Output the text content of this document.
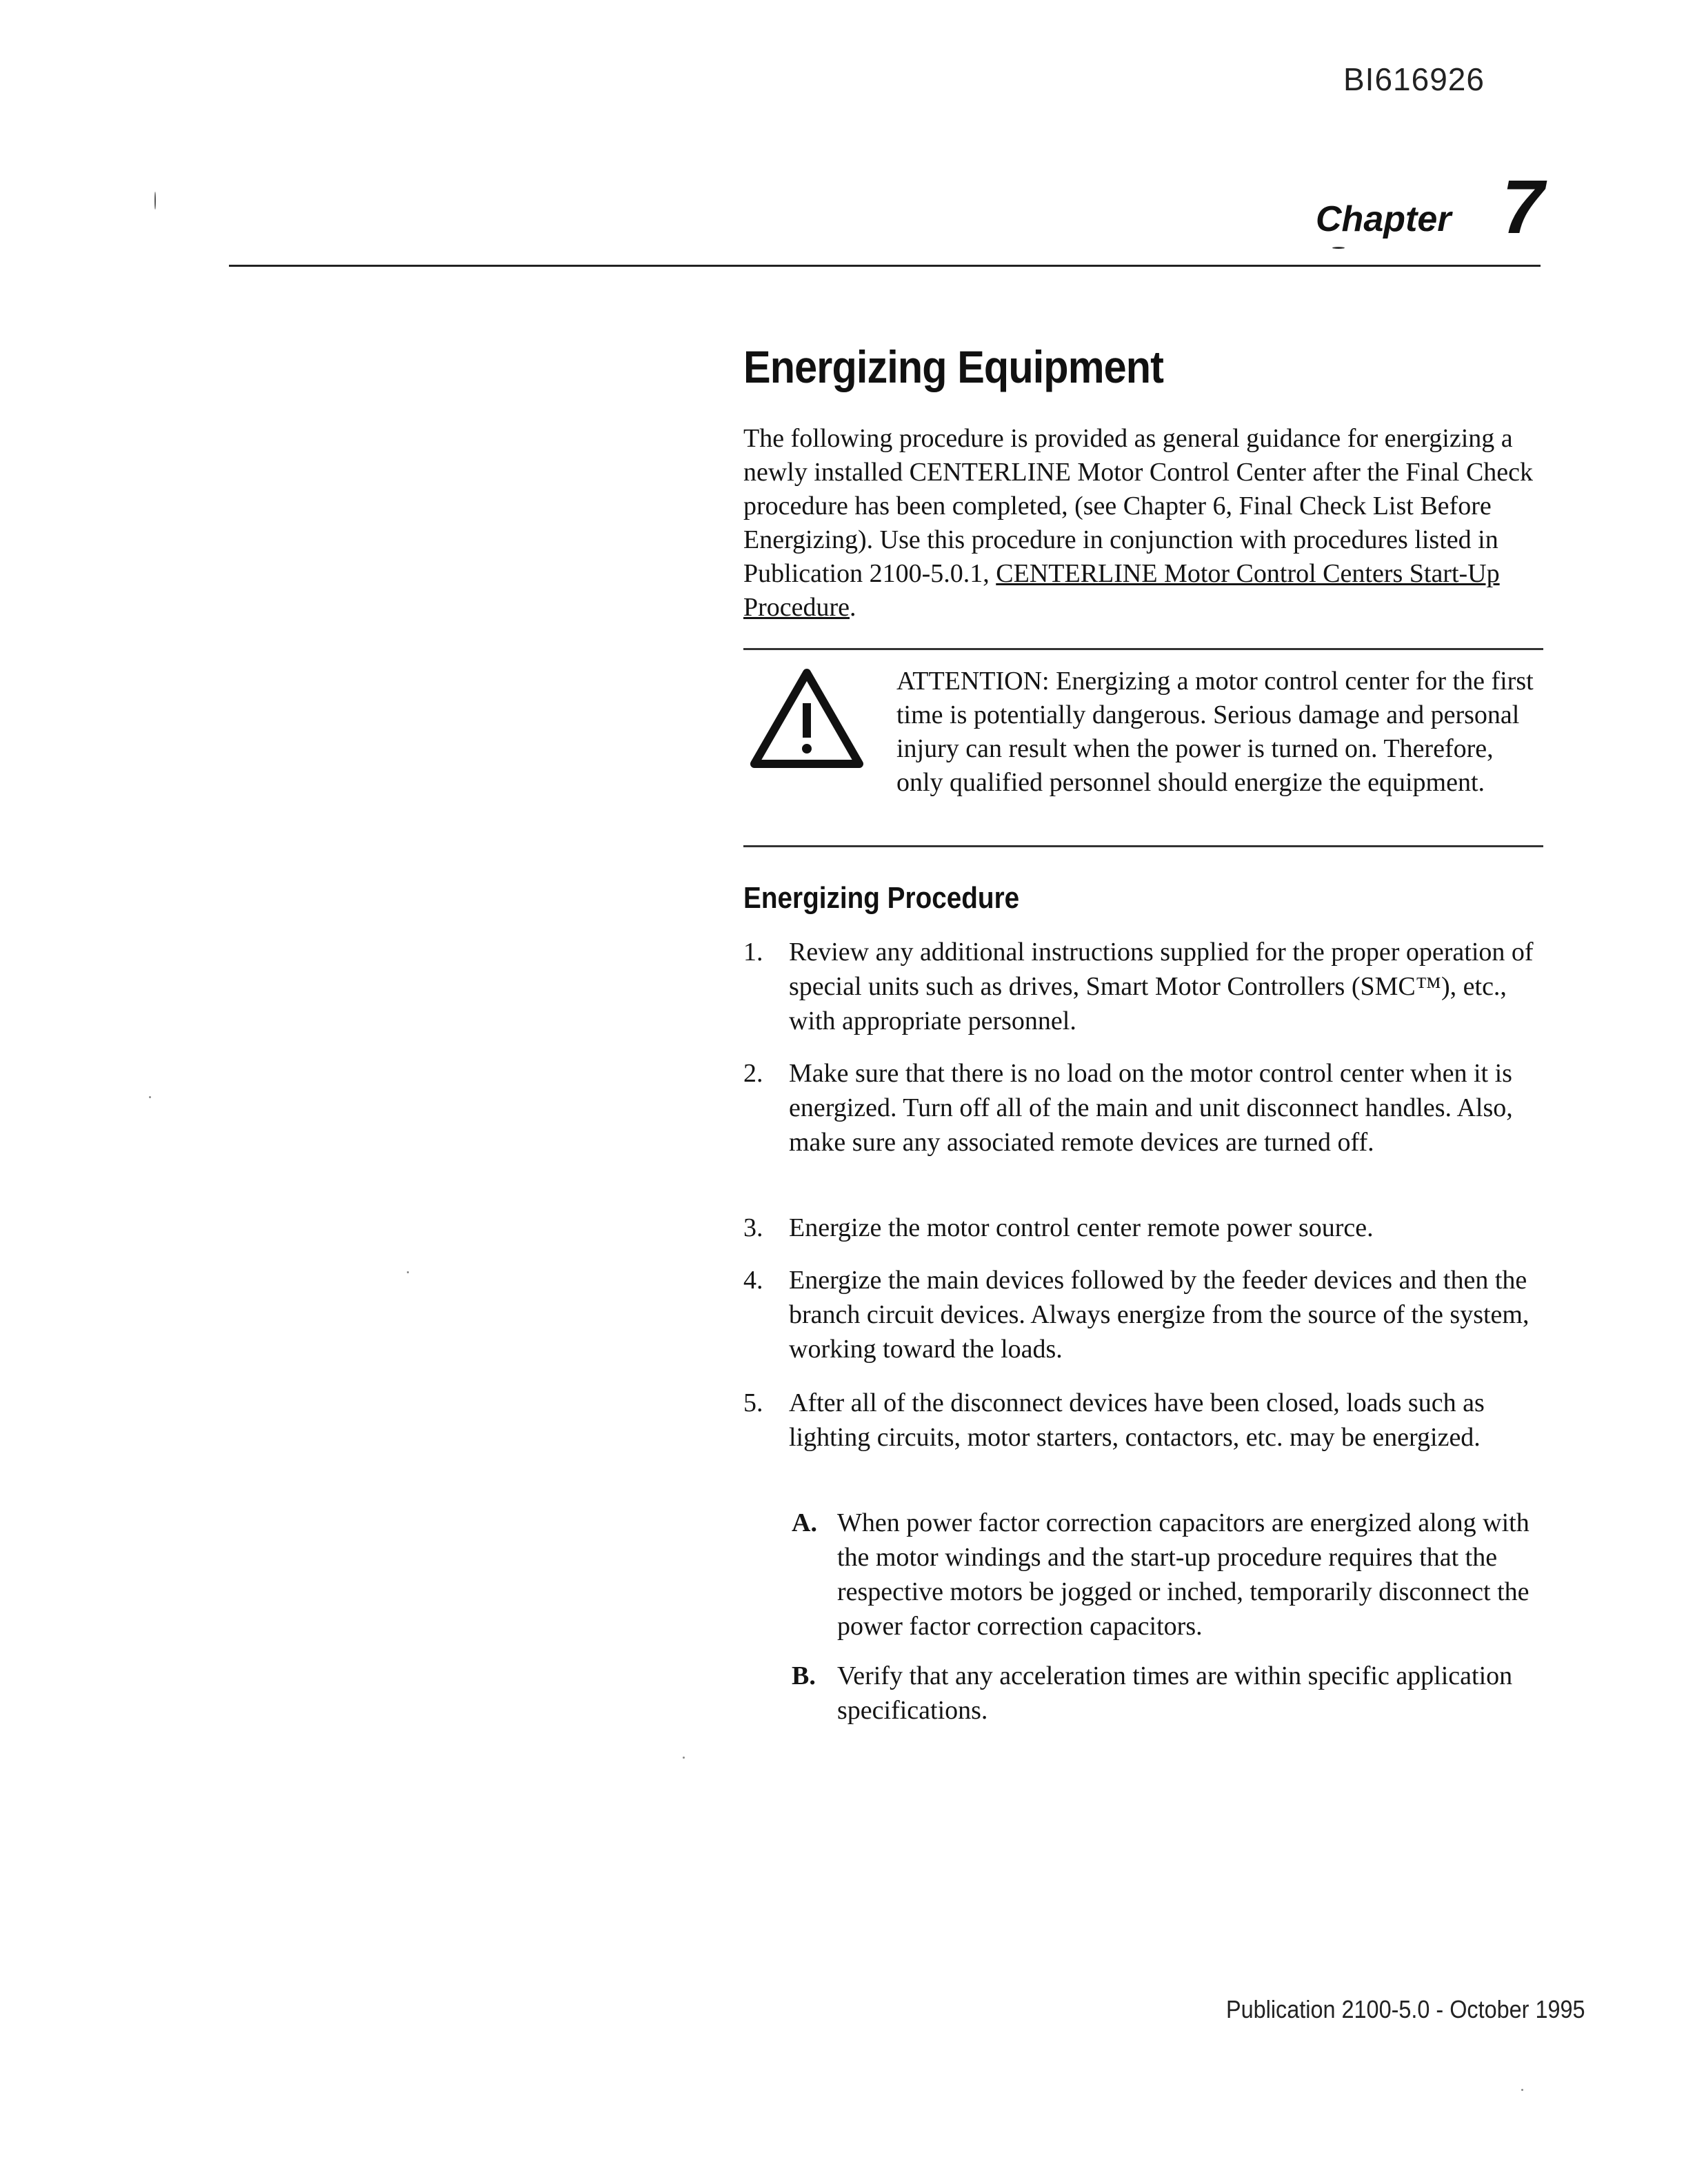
BI616926
Chapter 7
Energizing Equipment

The following procedure is provided as general guidance for energizing a newly installed CENTERLINE Motor Control Center after the Final Check procedure has been completed, (see Chapter 6, Final Check List Before Energizing). Use this procedure in conjunction with procedures listed in Publication 2100-5.0.1, CENTERLINE Motor Control Centers Start-Up Procedure.

ATTENTION: Energizing a motor control center for the first time is potentially dangerous. Serious damage and personal injury can result when the power is turned on. Therefore, only qualified personnel should energize the equipment.

Energizing Procedure
1. Review any additional instructions supplied for the proper operation of special units such as drives, Smart Motor Controllers (SMC™), etc., with appropriate personnel.
2. Make sure that there is no load on the motor control center when it is energized. Turn off all of the main and unit disconnect handles. Also, make sure any associated remote devices are turned off.
3. Energize the motor control center remote power source.
4. Energize the main devices followed by the feeder devices and then the branch circuit devices. Always energize from the source of the system, working toward the loads.
5. After all of the disconnect devices have been closed, loads such as lighting circuits, motor starters, contactors, etc. may be energized.
A. When power factor correction capacitors are energized along with the motor windings and the start-up procedure requires that the respective motors be jogged or inched, temporarily disconnect the power factor correction capacitors.
B. Verify that any acceleration times are within specific application specifications.
Publication 2100-5.0 - October 1995
